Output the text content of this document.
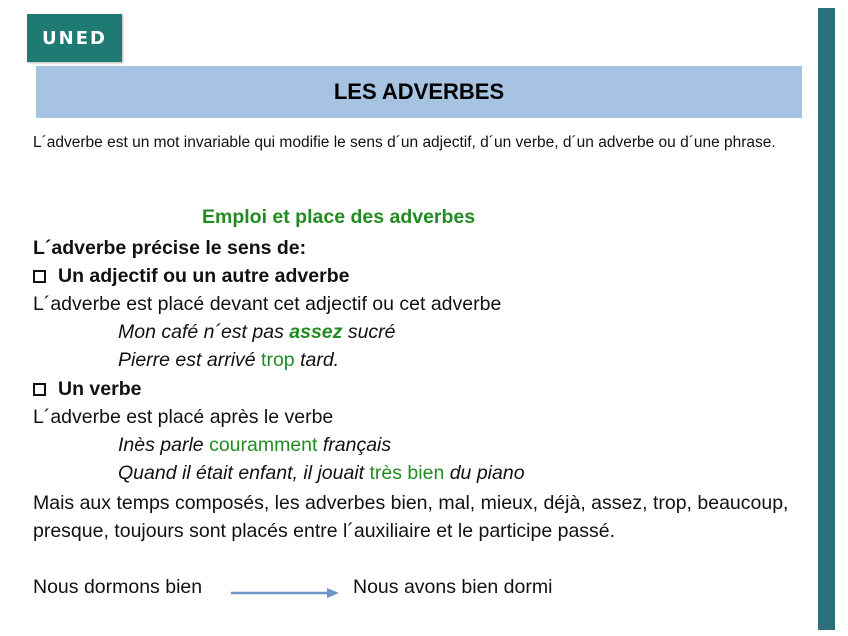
UNED
LES ADVERBES

L´adverbe est un mot invariable qui modifie le sens d´un adjectif, d´un verbe, d´un adverbe ou d´une phrase.

Emploi et place des adverbes
L´adverbe précise le sens de:
Un adjectif ou un autre adverbe
L´adverbe est placé devant cet adjectif ou cet adverbe
Mon café n´est pas assez sucré
Pierre est arrivé trop tard.
Un verbe
L´adverbe est placé après le verbe
Inès parle couramment français
Quand il était enfant, il jouait très bien du piano

Mais aux temps composés, les adverbes bien, mal, mieux, déjà, assez, trop, beaucoup, presque, toujours sont placés entre l´auxiliaire et le participe passé.

Nous dormons bien	Nous avons bien dormi
